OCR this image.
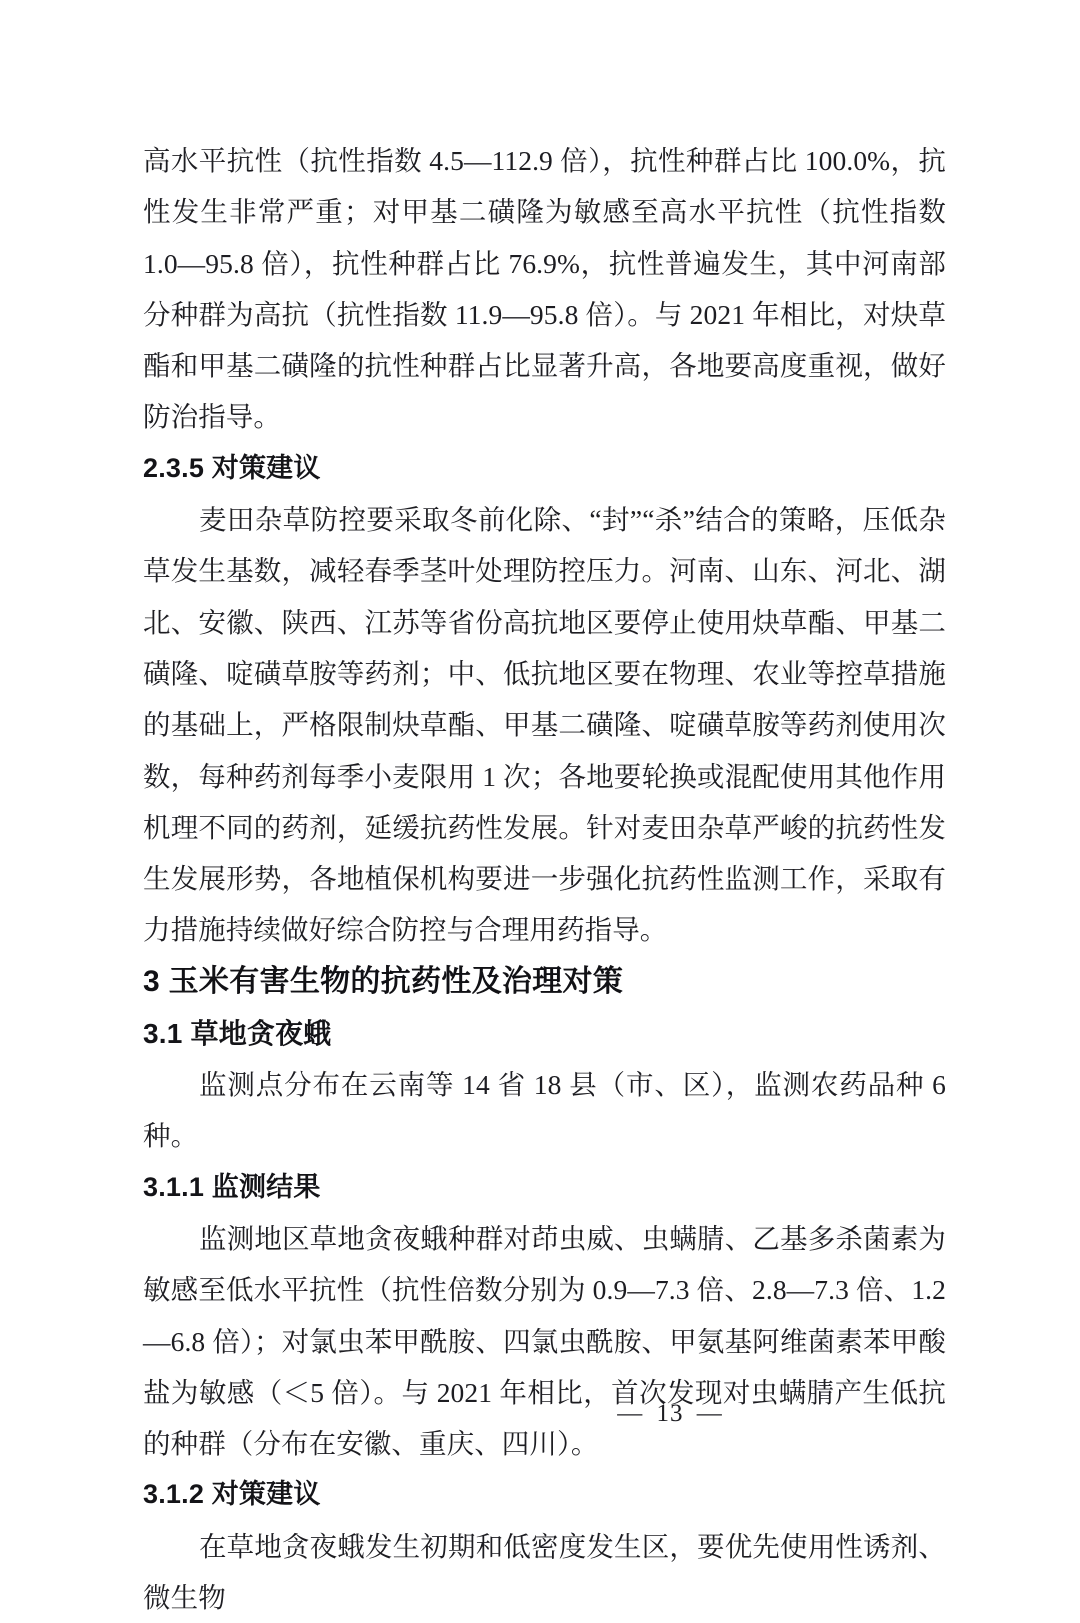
高水平抗性（抗性指数 4.5—112.9 倍），抗性种群占比 100.0%，抗性发生非常严重；对甲基二磺隆为敏感至高水平抗性（抗性指数 1.0—95.8 倍），抗性种群占比 76.9%，抗性普遍发生，其中河南部分种群为高抗（抗性指数 11.9—95.8 倍）。与 2021 年相比，对炔草酯和甲基二磺隆的抗性种群占比显著升高，各地要高度重视，做好防治指导。

2.3.5 对策建议

麦田杂草防控要采取冬前化除、“封”“杀”结合的策略，压低杂草发生基数，减轻春季茎叶处理防控压力。河南、山东、河北、湖北、安徽、陕西、江苏等省份高抗地区要停止使用炔草酯、甲基二磺隆、啶磺草胺等药剂；中、低抗地区要在物理、农业等控草措施的基础上，严格限制炔草酯、甲基二磺隆、啶磺草胺等药剂使用次数，每种药剂每季小麦限用 1 次；各地要轮换或混配使用其他作用机理不同的药剂，延缓抗药性发展。针对麦田杂草严峻的抗药性发生发展形势，各地植保机构要进一步强化抗药性监测工作，采取有力措施持续做好综合防控与合理用药指导。

3 玉米有害生物的抗药性及治理对策
3.1 草地贪夜蛾

监测点分布在云南等 14 省 18 县（市、区），监测农药品种 6 种。

3.1.1 监测结果

监测地区草地贪夜蛾种群对茚虫威、虫螨腈、乙基多杀菌素为敏感至低水平抗性（抗性倍数分别为 0.9—7.3 倍、2.8—7.3 倍、1.2—6.8 倍）；对氯虫苯甲酰胺、四氯虫酰胺、甲氨基阿维菌素苯甲酸盐为敏感（＜5 倍）。与 2021 年相比，首次发现对虫螨腈产生低抗的种群（分布在安徽、重庆、四川）。

3.1.2 对策建议

在草地贪夜蛾发生初期和低密度发生区，要优先使用性诱剂、微生物

— 13 —
